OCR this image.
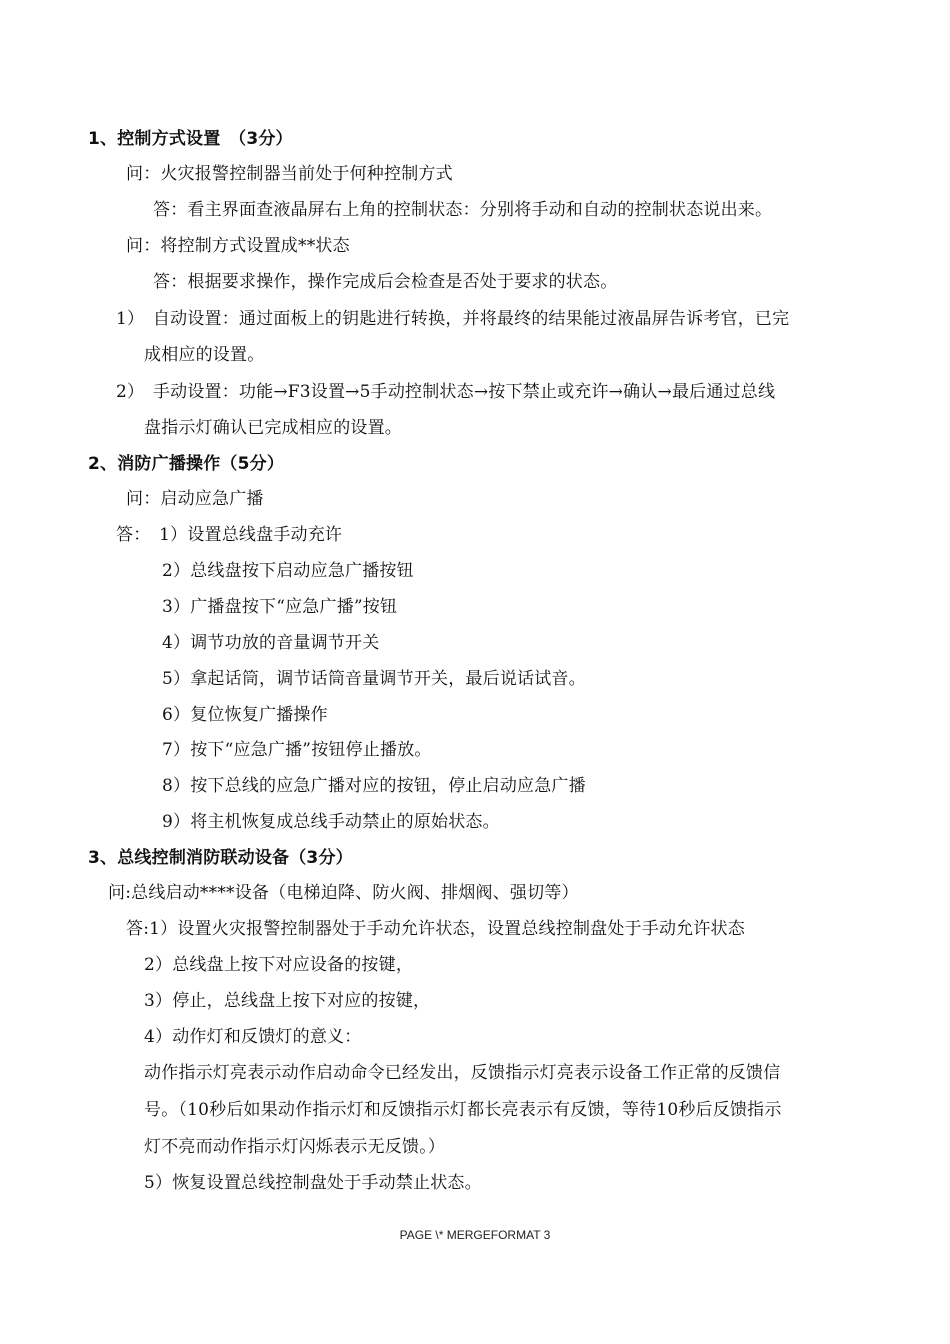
1、控制方式设置　（3分）
问：火灾报警控制器当前处于何种控制方式
答：看主界面查液晶屏右上角的控制状态：分别将手动和自动的控制状态说出来。
问：将控制方式设置成**状态
答：根据要求操作，操作完成后会检查是否处于要求的状态。
1）　自动设置：通过面板上的钥匙进行转换，并将最终的结果能过液晶屏告诉考官，已完
成相应的设置。
2）　手动设置：功能→F3设置→5手动控制状态→按下禁止或充许→确认→最后通过总线
盘指示灯确认已完成相应的设置。
2、消防广播操作（5分）
问：启动应急广播
答：　1）设置总线盘手动充许
2）总线盘按下启动应急广播按钮
3）广播盘按下“应急广播”按钮
4）调节功放的音量调节开关
5）拿起话筒，调节话筒音量调节开关，最后说话试音。
6）复位恢复广播操作
7）按下“应急广播”按钮停止播放。
8）按下总线的应急广播对应的按钮，停止启动应急广播
9）将主机恢复成总线手动禁止的原始状态。
3、总线控制消防联动设备（3分）
问:总线启动****设备（电梯迫降、防火阀、排烟阀、强切等）
答:1）设置火灾报警控制器处于手动允许状态，设置总线控制盘处于手动允许状态
2）总线盘上按下对应设备的按键，
3）停止，总线盘上按下对应的按键，
4）动作灯和反馈灯的意义：
动作指示灯亮表示动作启动命令已经发出，反馈指示灯亮表示设备工作正常的反馈信
号。（10秒后如果动作指示灯和反馈指示灯都长亮表示有反馈，等待10秒后反馈指示
灯不亮而动作指示灯闪烁表示无反馈。）
5）恢复设置总线控制盘处于手动禁止状态。
PAGE \* MERGEFORMAT 3
